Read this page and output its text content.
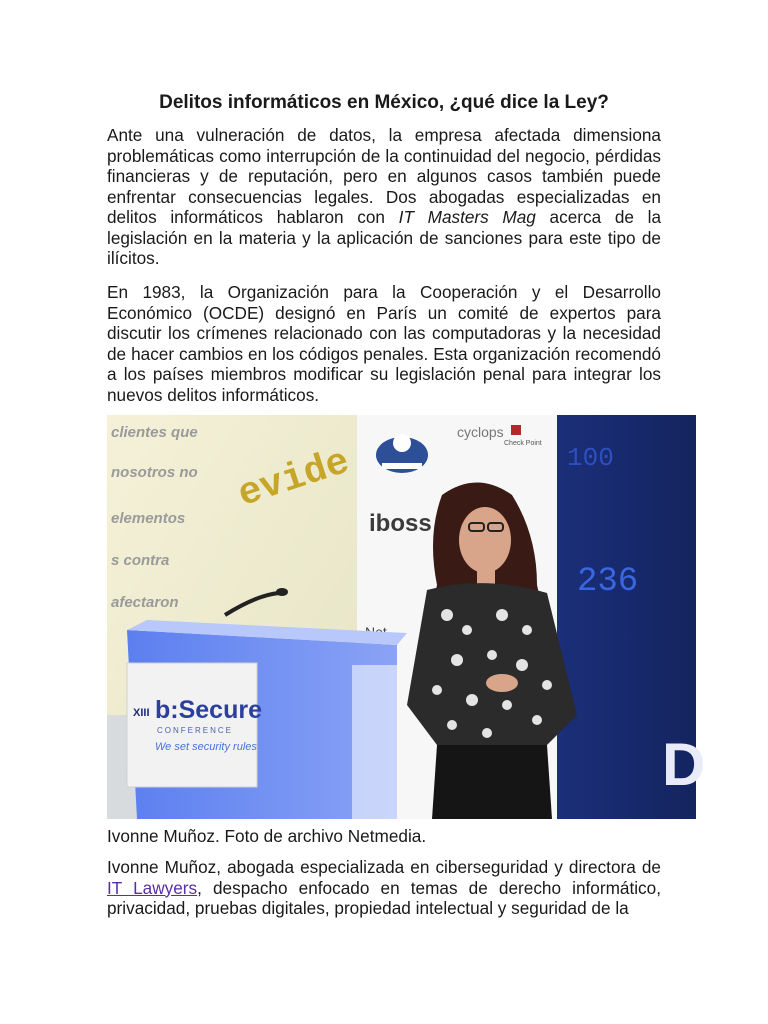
Delitos informáticos en México, ¿qué dice la Ley?

Ante una vulneración de datos, la empresa afectada dimensiona problemáticas como interrupción de la continuidad del negocio, pérdidas financieras y de reputación, pero en algunos casos también puede enfrentar consecuencias legales. Dos abogadas especializadas en delitos informáticos hablaron con IT Masters Mag acerca de la legislación en la materia y la aplicación de sanciones para este tipo de ilícitos.

En 1983, la Organización para la Cooperación y el Desarrollo Económico (OCDE) designó en París un comité de expertos para discutir los crímenes relacionado con las computadoras y la necesidad de hacer cambios en los códigos penales. Esta organización recomendó a los países miembros modificar su legislación penal para integrar los nuevos delitos informáticos.

clientes que
nosotros no
elementos
s contra
afectaron
evide
cyclops
Check Point
iboss
100
236
D
XIII b:Secure
CONFERENCE
We set security rules
Ivonne Muñoz. Foto de archivo Netmedia.

Ivonne Muñoz, abogada especializada en ciberseguridad y directora de IT Lawyers, despacho enfocado en temas de derecho informático, privacidad, pruebas digitales, propiedad intelectual y seguridad de la
